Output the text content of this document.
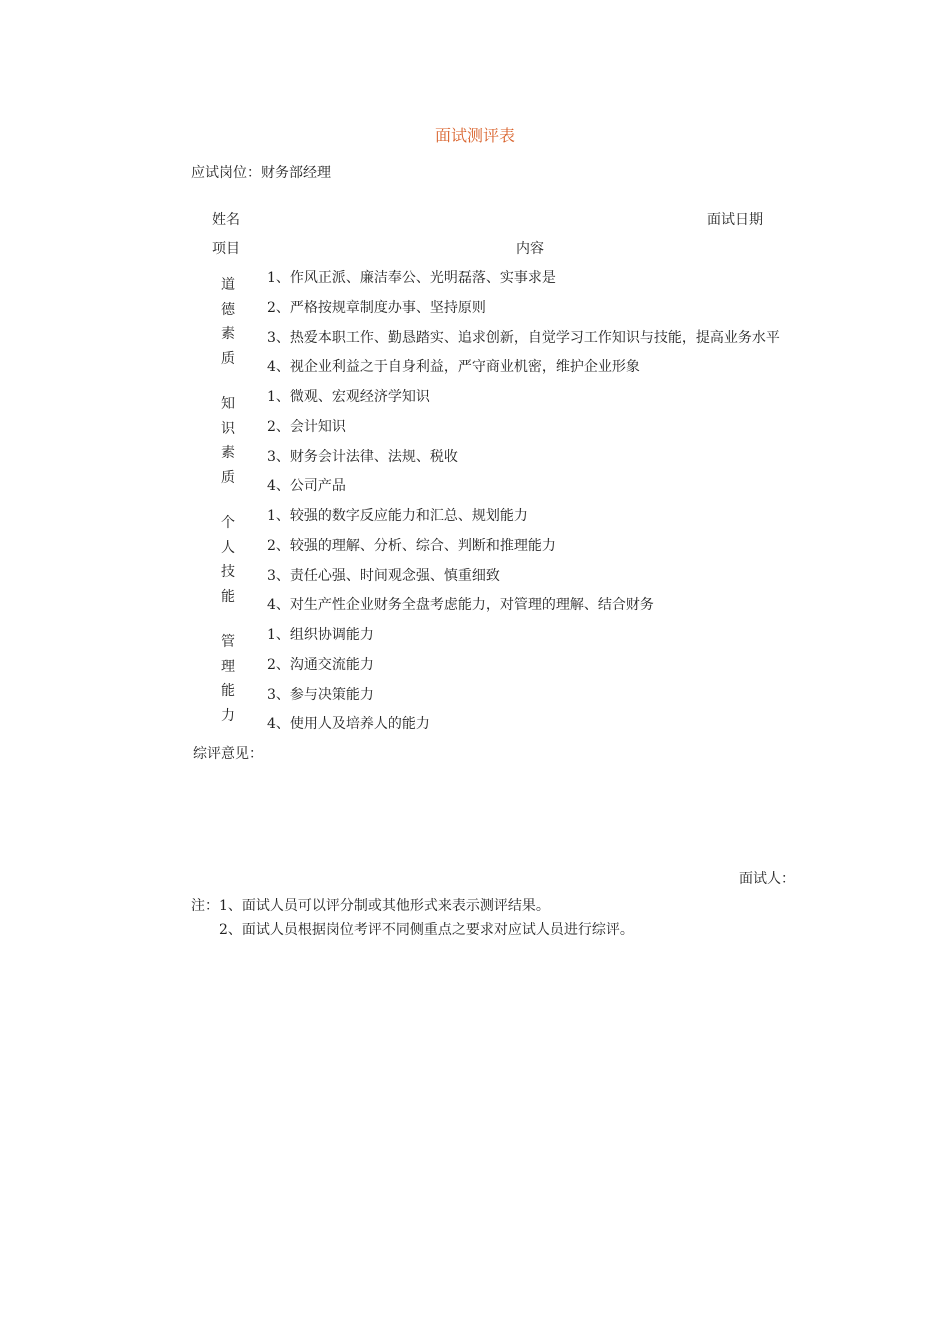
面试测评表
应试岗位：财务部经理
姓名	面试日期
项目	内容
道德素质
1、作风正派、廉洁奉公、光明磊落、实事求是
2、严格按规章制度办事、坚持原则
3、热爱本职工作、勤恳踏实、追求创新，自觉学习工作知识与技能，提高业务水平
4、视企业利益之于自身利益，严守商业机密，维护企业形象
知识素质
1、微观、宏观经济学知识
2、会计知识
3、财务会计法律、法规、税收
4、公司产品
个人技能
1、较强的数字反应能力和汇总、规划能力
2、较强的理解、分析、综合、判断和推理能力
3、责任心强、时间观念强、慎重细致
4、对生产性企业财务全盘考虑能力，对管理的理解、结合财务
管理能力
1、组织协调能力
2、沟通交流能力
3、参与决策能力
4、使用人及培养人的能力
综评意见：
面试人：
注：1、面试人员可以评分制或其他形式来表示测评结果。
2、面试人员根据岗位考评不同侧重点之要求对应试人员进行综评。
